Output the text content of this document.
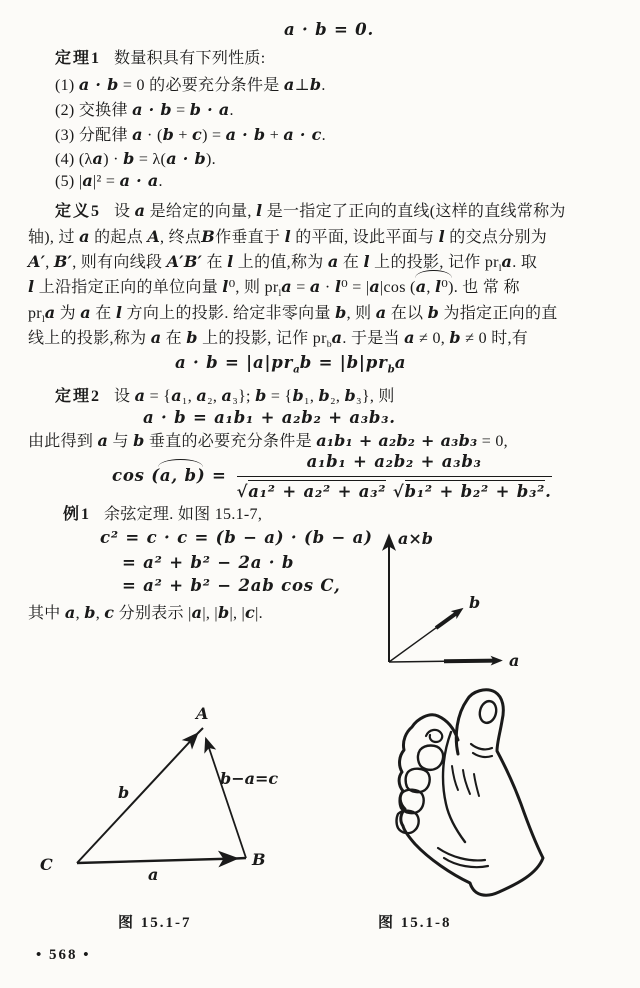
a · b = 0.
定理1 数量积具有下列性质:
(1) a · b = 0 的必要充分条件是 a⊥b.
(2) 交换律 a · b = b · a.
(3) 分配律 a · (b + c) = a · b + a · c.
(4) (λa) · b = λ(a · b).
(5) |a|² = a · a.
定义5 设 a 是给定的向量, l 是一指定了正向的直线(这样的直线常称为
轴), 过 a 的起点 A, 终点B作垂直于 l 的平面, 设此平面与 l 的交点分别为
A′, B′, 则有向线段 A′B′ 在 l 上的值,称为 a 在 l 上的投影, 记作 $pr_la$. 取
l 上沿指定正向的单位向量 l⁰, 则 $pr_la = a \cdot l^0 = |a|\cos$ (a, l⁰). 也 常 称
$pr_la$ 为 a 在 l 方向上的投影. 给定非零向量 b, 则 a 在以 b 为指定正向的直
线上的投影,称为 a 在 b 上的投影, 记作 $pr_ba$. 于是当 a ≠ 0, b ≠ 0 时,有
$a \cdot b = |a|pr_ab = |b|pr_ba$
定理2 设 a = {a₁, a₂, a₃}; b = {b₁, b₂, b₃}, 则
a · b = a₁b₁ + a₂b₂ + a₃b₃.
由此得到 a 与 b 垂直的必要充分条件是 a₁b₁ + a₂b₂ + a₃b₃ = 0,
cos (a, $b) = \frac{\text{a₁b₁ + a₂b₂ + a₃b₃}}{\text{√a₁² + a₂² + a₃² √b₁² + b₂² + b₃².}}$
例1 余弦定理. 如图 15.1-7,
c² = c · c = (b − a) · (b − a)
= a² + b² − 2a · b
= a² + b² − 2ab cos C,
其中 a, b, c 分别表示 |a|, |b|, |c|.
a×b
b
a
A
B
C
b
a
b−a=c
图 15.1-7	图 15.1-8
• 568 •
